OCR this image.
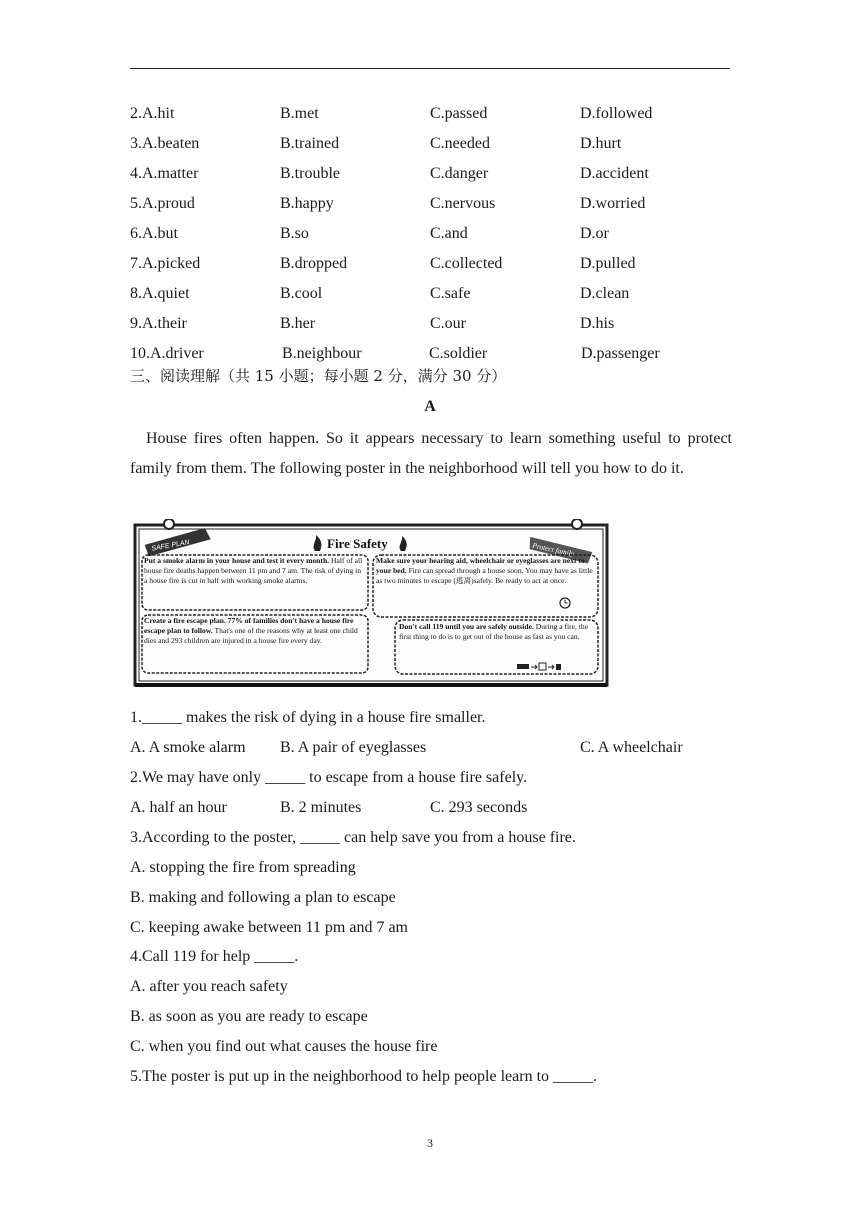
2.A.hit	B.met	C.passed	D.followed
3.A.beaten	B.trained	C.needed	D.hurt
4.A.matter	B.trouble	C.danger	D.accident
5.A.proud	B.happy	C.nervous	D.worried
6.A.but	B.so	C.and	D.or
7.A.picked	B.dropped	C.collected	D.pulled
8.A.quiet	B.cool	C.safe	D.clean
9.A.their	B.her	C.our	D.his
10.A.driver	B.neighbour	C.soldier	D.passenger
三、阅读理解（共 15 小题；每小题 2 分，满分 30 分）
A
House fires often happen. So it appears necessary to learn something useful to protect family from them. The following poster in the neighborhood will tell you how to do it.
SAFE PLAN	Protect family
Fire Safety
Put a smoke alarm in your house and test it every month. Half of all house fire deaths happen between 11 pm and 7 am. The risk of dying in a house fire is cut in half with working smoke alarms.
Make sure your hearing aid, wheelchair or eyeglasses are next to your bed. Fire can spread through a house soon. You may have as little as two minutes to escape (逃离)safely. Be ready to act at once.
Create a fire escape plan. 77% of families don't have a house fire escape plan to follow. That's one of the reasons why at least one child dies and 293 children are injured in a house fire every day.
Don't call 119 until you are safely outside. During a fire, the first thing to do is to get out of the house as fast as you can.
1._____ makes the risk of dying in a house fire smaller.
A. A smoke alarm B. A pair of eyeglasses	C. A wheelchair
2.We may have only _____ to escape from a house fire safely.
A. half an hour	B. 2 minutes	C. 293 seconds
3.According to the poster, _____ can help save you from a house fire.
A. stopping the fire from spreading
B. making and following a plan to escape
C. keeping awake between 11 pm and 7 am
4.Call 119 for help _____.
A. after you reach safety
B. as soon as you are ready to escape
C. when you find out what causes the house fire
5.The poster is put up in the neighborhood to help people learn to _____.
3
